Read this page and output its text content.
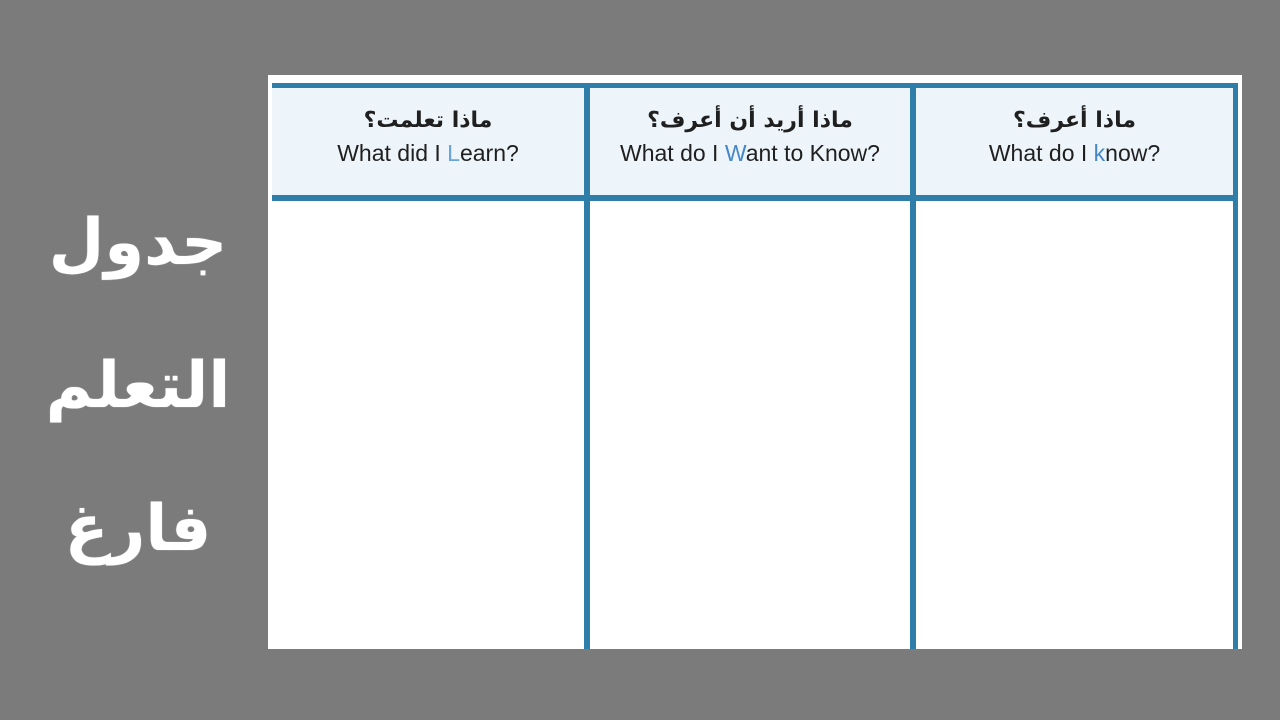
جدول
التعلم
فارغ
ماذا تعلمت؟
What did I Learn?
ماذا أريد أن أعرف؟
What do I Want to Know?
ماذا أعرف؟
What do I know?
